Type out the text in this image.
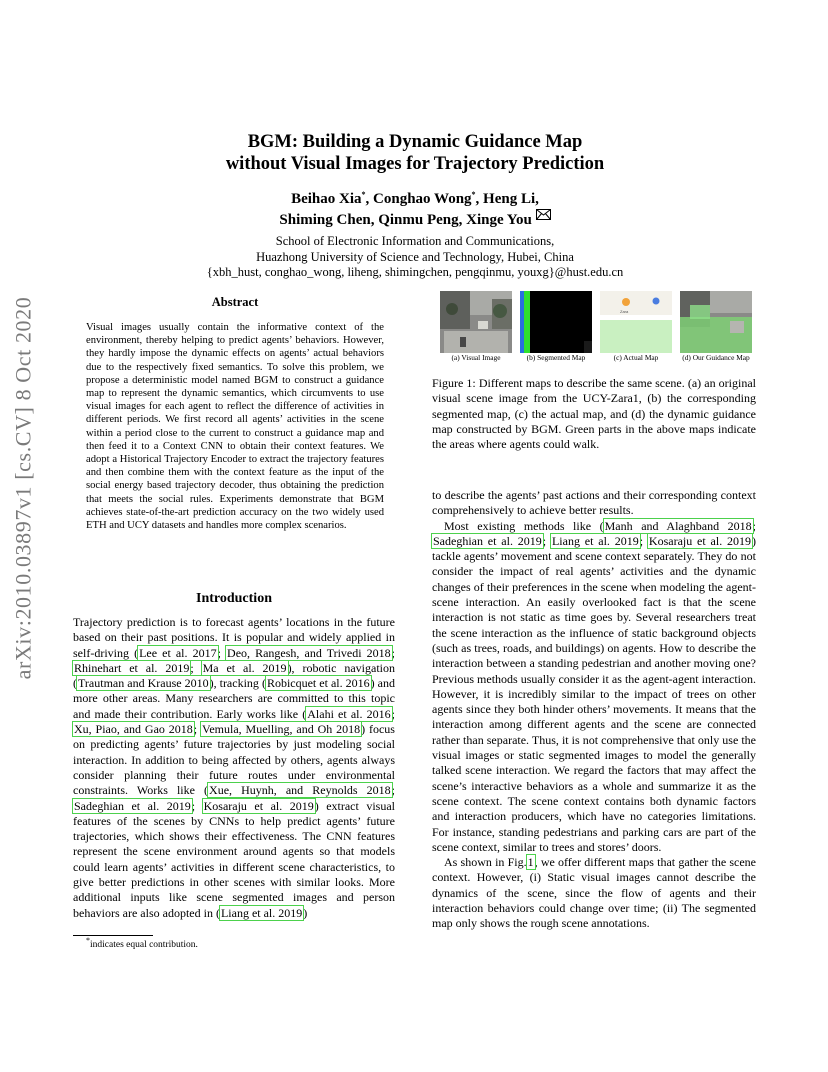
arXiv:2010.03897v1 [cs.CV] 8 Oct 2020
BGM: Building a Dynamic Guidance Map
without Visual Images for Trajectory Prediction
Beihao Xia*, Conghao Wong*, Heng Li,
Shiming Chen, Qinmu Peng, Xinge You
School of Electronic Information and Communications,
Huazhong University of Science and Technology, Hubei, China
{xbh_hust, conghao_wong, liheng, shimingchen, pengqinmu, youxg}@hust.edu.cn
Abstract
Visual images usually contain the informative context of the environment, thereby helping to predict agents’ behaviors. However, they hardly impose the dynamic effects on agents’ actual behaviors due to the respectively fixed semantics. To solve this problem, we propose a deterministic model named BGM to construct a guidance map to represent the dynamic semantics, which circumvents to use visual images for each agent to reflect the difference of activities in different periods. We first record all agents’ activities in the scene within a period close to the current to construct a guidance map and then feed it to a Context CNN to obtain their context features. We adopt a Historical Trajectory Encoder to extract the trajectory features and then combine them with the context feature as the input of the social energy based trajectory decoder, thus obtaining the prediction that meets the social rules. Experiments demonstrate that BGM achieves state-of-the-art prediction accuracy on the two widely used ETH and UCY datasets and handles more complex scenarios.
Zara
(a) Visual Image	(b) Segmented Map	(c) Actual Map	(d) Our Guidance Map
Figure 1: Different maps to describe the same scene. (a) an original visual scene image from the UCY-Zara1, (b) the corresponding segmented map, (c) the actual map, and (d) the dynamic guidance map constructed by BGM. Green parts in the above maps indicate the areas where agents could walk.
Introduction

Trajectory prediction is to forecast agents’ locations in the future based on their past positions. It is popular and widely applied in self-driving (Lee et al. 2017; Deo, Rangesh, and Trivedi 2018; Rhinehart et al. 2019; Ma et al. 2019), robotic navigation (Trautman and Krause 2010), tracking (Robicquet et al. 2016) and more other areas. Many researchers are committed to this topic and made their contribution. Early works like (Alahi et al. 2016; Xu, Piao, and Gao 2018; Vemula, Muelling, and Oh 2018) focus on predicting agents’ future trajectories by just modeling social interaction. In addition to being affected by others, agents always consider planning their future routes under environmental constraints. Works like (Xue, Huynh, and Reynolds 2018; Sadeghian et al. 2019; Kosaraju et al. 2019) extract visual features of the scenes by CNNs to help predict agents’ future trajectories, which shows their effectiveness. The CNN features represent the scene environment around agents so that models could learn agents’ activities in different scene characteristics, to give better predictions in other scenes with similar looks. More additional inputs like scene segmented images and person behaviors are also adopted in (Liang et al. 2019)

to describe the agents’ past actions and their corresponding context comprehensively to achieve better results.

Most existing methods like (Manh and Alaghband 2018; Sadeghian et al. 2019; Liang et al. 2019; Kosaraju et al. 2019) tackle agents’ movement and scene context separately. They do not consider the impact of real agents’ activities and the dynamic changes of their preferences in the scene when modeling the agent-scene interaction. An easily overlooked fact is that the scene interaction is not static as time goes by. Several researchers treat the scene interaction as the influence of static background objects (such as trees, roads, and buildings) on agents. How to describe the interaction between a standing pedestrian and another moving one? Previous methods usually consider it as the agent-agent interaction. However, it is incredibly similar to the impact of trees on other agents since they both hinder others’ movements. It means that the interaction among different agents and the scene are connected rather than separate. Thus, it is not comprehensive that only use the visual images or static segmented images to model the generally talked scene interaction. We regard the factors that may affect the scene’s interactive behaviors as a whole and summarize it as the scene context. The scene context contains both dynamic factors and interaction producers, which have no categories limitations. For instance, standing pedestrians and parking cars are part of the scene context, similar to trees and stores’ doors.

As shown in Fig.1, we offer different maps that gather the scene context. However, (i) Static visual images cannot describe the dynamics of the scene, since the flow of agents and their interaction behaviors could change over time; (ii) The segmented map only shows the rough scene annotations.

*indicates equal contribution.
